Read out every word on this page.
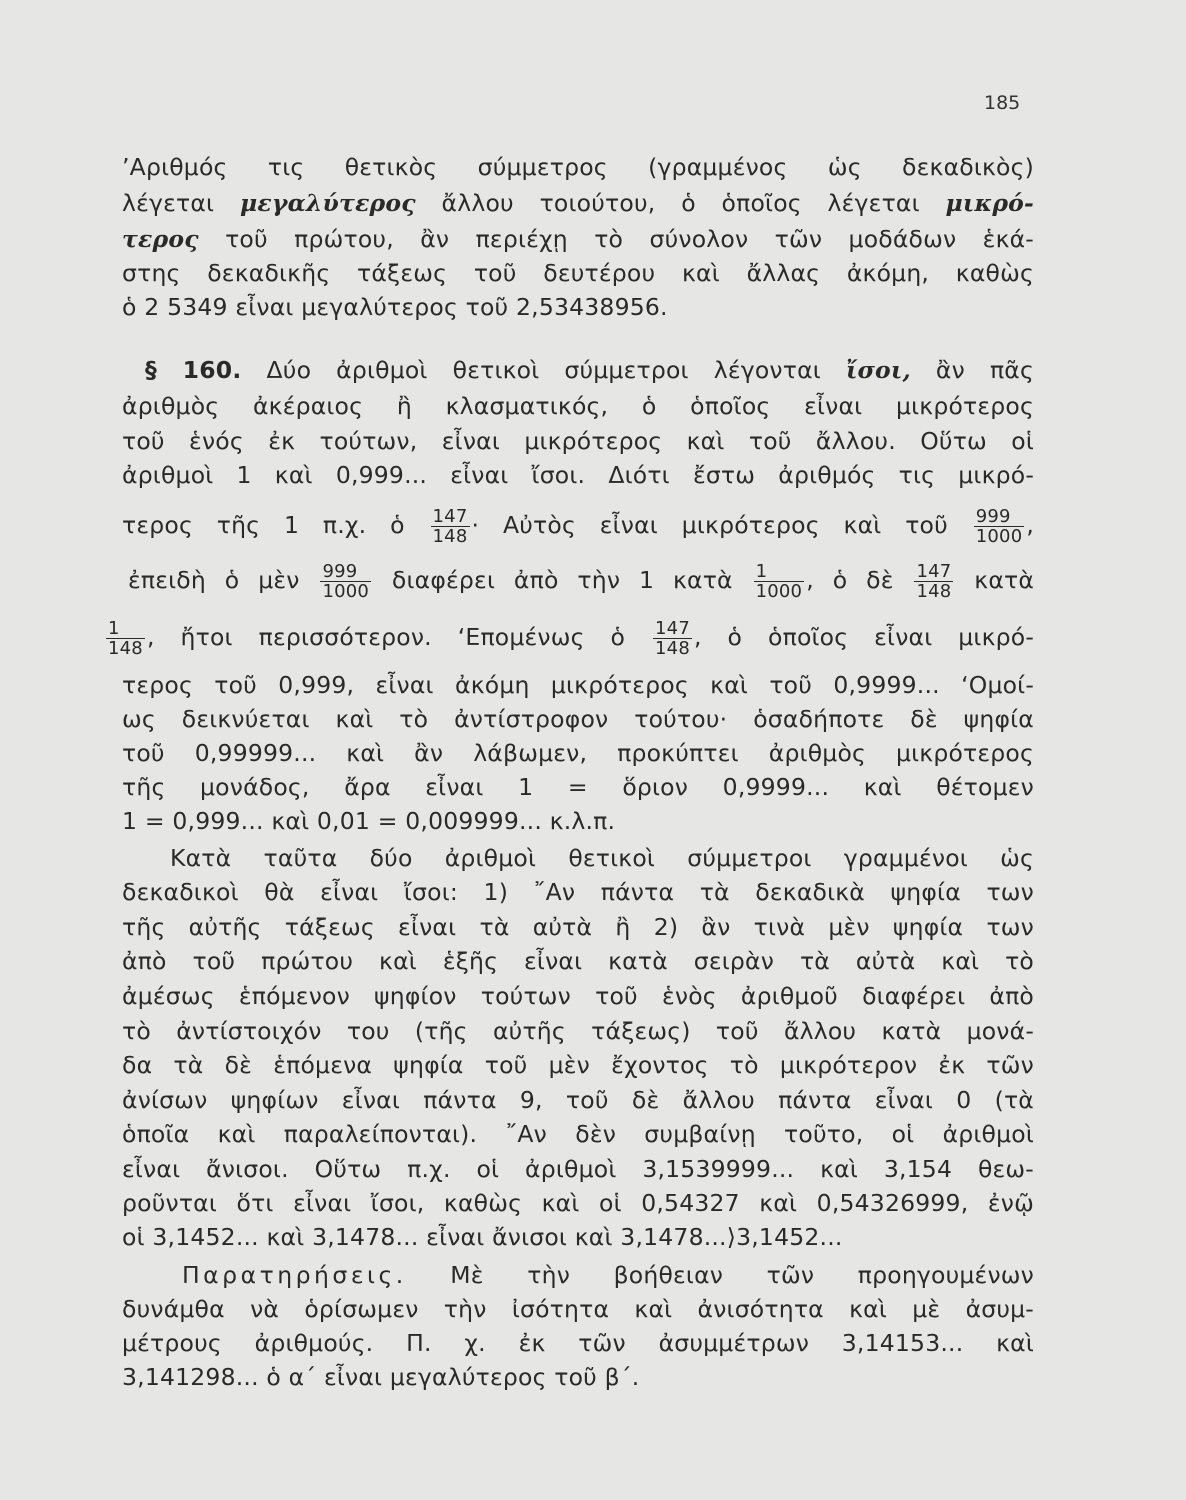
185
’Αριθμός τις θετικὸς σύμμετρος (γραμμένος ὡς δεκαδικὸς)
λέγεται μεγαλύτερος ἄλλου τοιούτου, ὁ ὁποῖος λέγεται μικρό-
τερος τοῦ πρώτου, ἂν περιέχῃ τὸ σύνολον τῶν μοδάδων ἑκά-
στης δεκαδικῆς τάξεως τοῦ δευτέρου καὶ ἄλλας ἀκόμη, καθὼς
ὁ 2 5349 εἶναι μεγαλύτερος τοῦ 2,53438956.
§ 160. Δύο ἀριθμοὶ θετικοὶ σύμμετροι λέγονται ἴσοι, ἂν πᾶς
ἀριθμὸς ἀκέραιος ἢ κλασματικός, ὁ ὁποῖος εἶναι μικρότερος
τοῦ ἑνός ἐκ τούτων, εἶναι μικρότερος καὶ τοῦ ἄλλου. Οὕτω οἱ
ἀριθμοὶ 1 καὶ 0,999... εἶναι ἴσοι. Διότι ἔστω ἀριθμός τις μικρό-
τερος τῆς 1 π.χ. ὁ $\frac{147}{148}$ · Αὐτὸς εἶναι μικρότερος καὶ τοῦ $\frac{999}{1000}$ ,
ἐπειδὴ ὁ μὲν $\frac{999}{1000}$ διαφέρει ἀπὸ τὴν 1 κατὰ $\frac{1}{1000}$ , ὁ δὲ $\frac{147}{148}$ κατὰ
$\frac{1}{148}$ , ἤτοι περισσότερον. ‘Επομένως ὁ $\frac{147}{148}$ , ὁ ὁποῖος εἶναι μικρό-
τερος τοῦ 0,999, εἶναι ἀκόμη μικρότερος καὶ τοῦ 0,9999... ‘Ομοί-
ως δεικνύεται καὶ τὸ ἀντίστροφον τούτου· ὁσαδήποτε δὲ ψηφία
τοῦ 0,99999... καὶ ἂν λάβωμεν, προκύπτει ἀριθμὸς μικρότερος
τῆς μονάδος, ἄρα εἶναι 1 = ὅριον 0,9999... καὶ θέτομεν
1 = 0,999... καὶ 0,01 = 0,009999... κ.λ.π.
Κατὰ ταῦτα δύο ἀριθμοὶ θετικοὶ σύμμετροι γραμμένοι ὡς
δεκαδικοὶ θὰ εἶναι ἴσοι: 1) ῎Αν πάντα τὰ δεκαδικὰ ψηφία των
τῆς αὐτῆς τάξεως εἶναι τὰ αὐτὰ ἢ 2) ἂν τινὰ μὲν ψηφία των
ἀπὸ τοῦ πρώτου καὶ ἑξῆς εἶναι κατὰ σειρὰν τὰ αὐτὰ καὶ τὸ
ἀμέσως ἑπόμενον ψηφίον τούτων τοῦ ἑνὸς ἀριθμοῦ διαφέρει ἀπὸ
τὸ ἀντίστοιχόν του (τῆς αὐτῆς τάξεως) τοῦ ἄλλου κατὰ μονά-
δα τὰ δὲ ἑπόμενα ψηφία τοῦ μὲν ἔχοντος τὸ μικρότερον ἐκ τῶν
ἀνίσων ψηφίων εἶναι πάντα 9, τοῦ δὲ ἄλλου πάντα εἶναι 0 (τὰ
ὁποῖα καὶ παραλείπονται). ῎Αν δὲν συμβαίνῃ τοῦτο, οἱ ἀριθμοὶ
εἶναι ἄνισοι. Οὕτω π.χ. οἱ ἀριθμοὶ 3,1539999... καὶ 3,154 θεω-
ροῦνται ὅτι εἶναι ἴσοι, καθὼς καὶ οἱ 0,54327 καὶ 0,54326999, ἐνῷ
οἱ 3,1452... καὶ 3,1478... εἶναι ἄνισοι καὶ 3,1478...⟩3,1452...
Παρατηρήσεις. Μὲ τὴν βοήθειαν τῶν προηγουμένων
δυνάμθα νὰ ὁρίσωμεν τὴν ἰσότητα καὶ ἀνισότητα καὶ μὲ ἀσυμ-
μέτρους ἀριθμούς. Π. χ. ἐκ τῶν ἀσυμμέτρων 3,14153... καὶ
3,141298... ὁ α΄ εἶναι μεγαλύτερος τοῦ β΄.
